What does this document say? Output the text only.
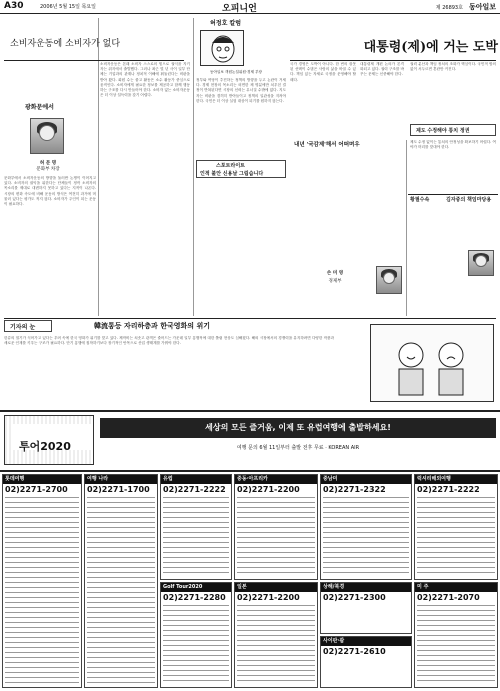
A30	2006년 5월 15일 목요일	오피니언	제 26893호 동아일보
소비자운동에 소비자가 없다
광화문에서
허 문 명
문화부 차장
문화부에서 소비자운동의 방향을 둘러싼 논쟁이 이어지고 있다. 소비자의 권익을 위한다는 단체들이 정작 소비자의 목소리를 제대로 대변하지 못하고 있다는 지적이 나온다. 시장의 변화 속도에 비해 운동의 방식은 여전히 과거에 머물러 있다는 평가도 적지 않다. 소비자가 주인이 되는 운동이 필요하다.
소비자운동은 본래 소비자 스스로의 힘으로 권익을 지키자는 취지에서 출발했다. 그러나 최근 몇 년 사이 일부 단체는 기업과의 관계나 정치적 이해에 휘둘린다는 비판을 받아 왔다. 회원 수는 줄고 활동은 소수 활동가 중심으로 움직인다. 소비자에게 필요한 정보를 제공하고 함께 행동하는 구조를 다시 만들어야 한다. 소비자 없는 소비자운동은 더 이상 설득력을 갖기 어렵다.
허정호 칼럼
동아일보 객원논설위원·경제 부장
정부와 여당이 추진하는 정책의 방향을 두고 논란이 거세다. 경제 현장의 목소리는 외면한 채 명분에만 치우친 결정이 반복된다면 시장의 신뢰는 무너질 수밖에 없다. 지도자는 비판을 겸허히 받아들이고 정책의 일관성을 지켜야 한다. 국민은 더 이상 실험 대상이 되기를 원하지 않는다.
국가 경영은 도박이 아니다. 한 번의 잘못된 선택이 수많은 사람의 삶을 바꿀 수 있다. 책임 있는 자세로 국정을 운영해야 할 때다.
대통령(제)에 거는 도박
내년 '국감제'해서 어떠며우
대통령제 개편 논의가 본격화되고 있다. 권력 구조를 바꾸는 문제는 신중해야 한다.
권력 분산과 책임 정치의 조화가 핵심이다. 국민적 합의 없이 서두르면 혼란만 커진다.
제도 수정해야 통치 정권
제도 수정 없이는 통치의 안정성을 확보하기 어렵다. 여야가 머리를 맞대야 한다.
스포트라이트
인적 불안 신용날 그림습니다
손 미 영
경제부
황필수속	김자중의 책임마당용
기자의 눈	韓流통등 자리하층과 한국영화의 위기
한류의 열기가 식어가고 있다는 우려 속에 한국 영화가 위기를 맞고 있다. 제작비는 치솟고 관객은 줄어드는 가운데 일부 흥행작에 대한 쏠림 현상도 심해졌다. 해외 시장에서의 경쟁력을 유지하려면 다양한 작품과 새로운 인재를 키우는 구조가 필요하다. 단기 흥행에 집착하기보다 장기적인 안목으로 산업 생태계를 가꿔야 한다.
투어2020
세상의 모든 즐거움, 이제 또 유럽여행에 출발하세요!
여행 문의 6월 11일부터 출발 전후 무료 · KOREAN AIR
롯데여행
02)2271-2700
여행 나라
02)2271-1700
유럽
02)2271-2222
중동·아프리카
02)2271-2200
중남미
02)2271-2322
럭셔리해외여행
02)2271-2222
Golf Tour2020
02)2271-2280
일본
02)2271-2200
상해/북경
02)2271-2300
사이판·괌
02)2271-2610
미 주
02)2271-2070
